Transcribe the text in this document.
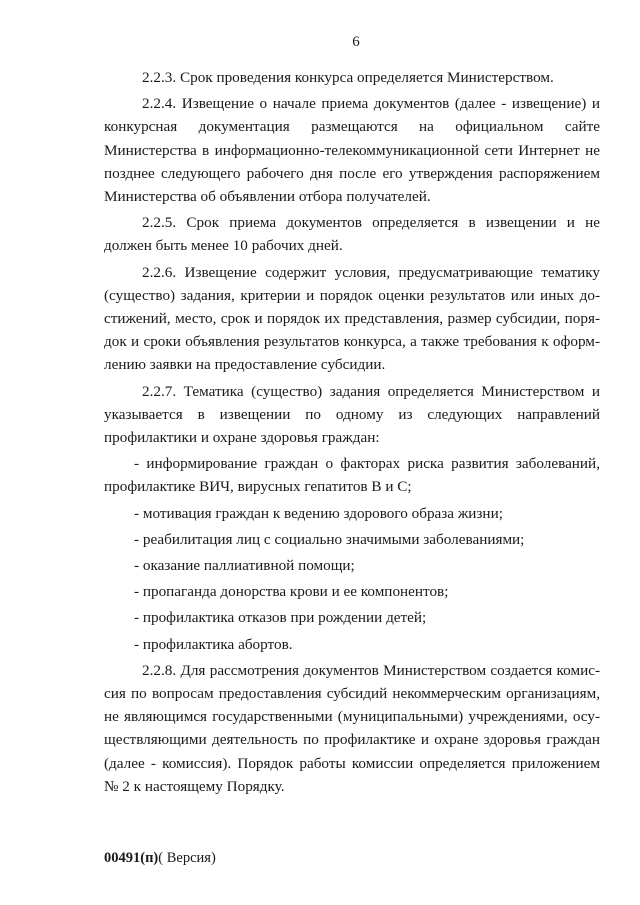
6

2.2.3. Срок проведения конкурса определяется Министерством.

2.2.4. Извещение о начале приема документов (далее - извещение) и конкурсная документация размещаются на официальном сайте Министерства в информационно-телекоммуникационной сети Интернет не позднее следующего рабочего дня после его утверждения распоряжением Министерства об объявлении отбора получателей.

2.2.5. Срок приема документов определяется в извещении и не должен быть менее 10 рабочих дней.

2.2.6. Извещение содержит условия, предусматривающие тематику (существо) задания, критерии и порядок оценки результатов или иных достижений, место, срок и порядок их представления, размер субсидии, порядок и сроки объявления результатов конкурса, а также требования к оформлению заявки на предоставление субсидии.

2.2.7. Тематика (существо) задания определяется Министерством и указывается в извещении по одному из следующих направлений профилактики и охране здоровья граждан:

- информирование граждан о факторах риска развития заболеваний, профилактике ВИЧ, вирусных гепатитов В и С;

- мотивация граждан к ведению здорового образа жизни;

- реабилитация лиц с социально значимыми заболеваниями;

- оказание паллиативной помощи;

- пропаганда донорства крови и ее компонентов;

- профилактика отказов при рождении детей;

- профилактика абортов.

2.2.8. Для рассмотрения документов Министерством создается комиссия по вопросам предоставления субсидий некоммерческим организациям, не являющимся государственными (муниципальными) учреждениями, осуществляющими деятельность по профилактике и охране здоровья граждан (далее - комиссия). Порядок работы комиссии определяется приложением № 2 к настоящему Порядку.

00491(п)( Версия)
